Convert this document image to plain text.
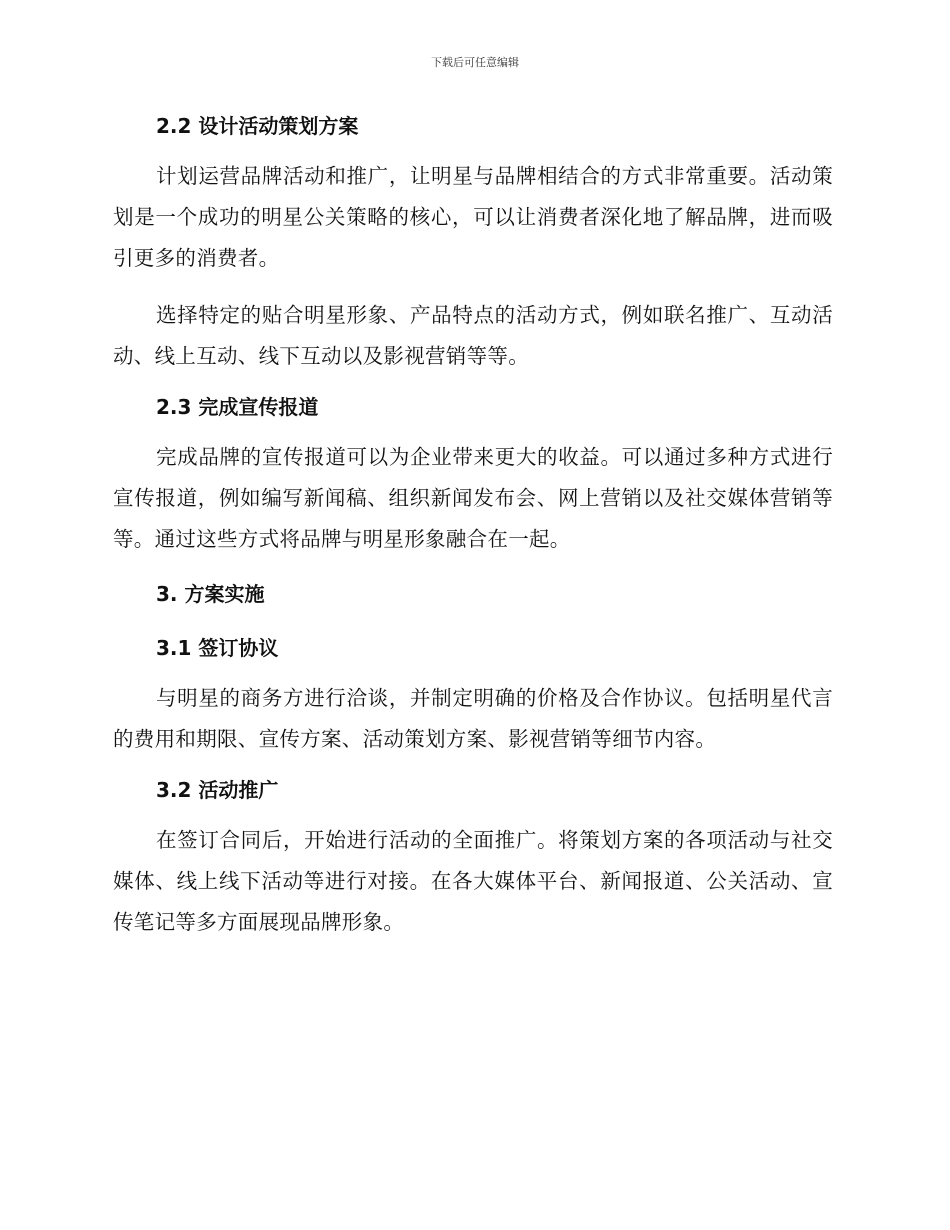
下载后可任意编辑
2.2 设计活动策划方案

计划运营品牌活动和推广，让明星与品牌相结合的方式非常重要。活动策划是一个成功的明星公关策略的核心，可以让消费者深化地了解品牌，进而吸引更多的消费者。

选择特定的贴合明星形象、产品特点的活动方式，例如联名推广、互动活动、线上互动、线下互动以及影视营销等等。

2.3 完成宣传报道

完成品牌的宣传报道可以为企业带来更大的收益。可以通过多种方式进行宣传报道，例如编写新闻稿、组织新闻发布会、网上营销以及社交媒体营销等等。通过这些方式将品牌与明星形象融合在一起。

3. 方案实施
3.1 签订协议

与明星的商务方进行洽谈，并制定明确的价格及合作协议。包括明星代言的费用和期限、宣传方案、活动策划方案、影视营销等细节内容。

3.2 活动推广

在签订合同后，开始进行活动的全面推广。将策划方案的各项活动与社交媒体、线上线下活动等进行对接。在各大媒体平台、新闻报道、公关活动、宣传笔记等多方面展现品牌形象。
